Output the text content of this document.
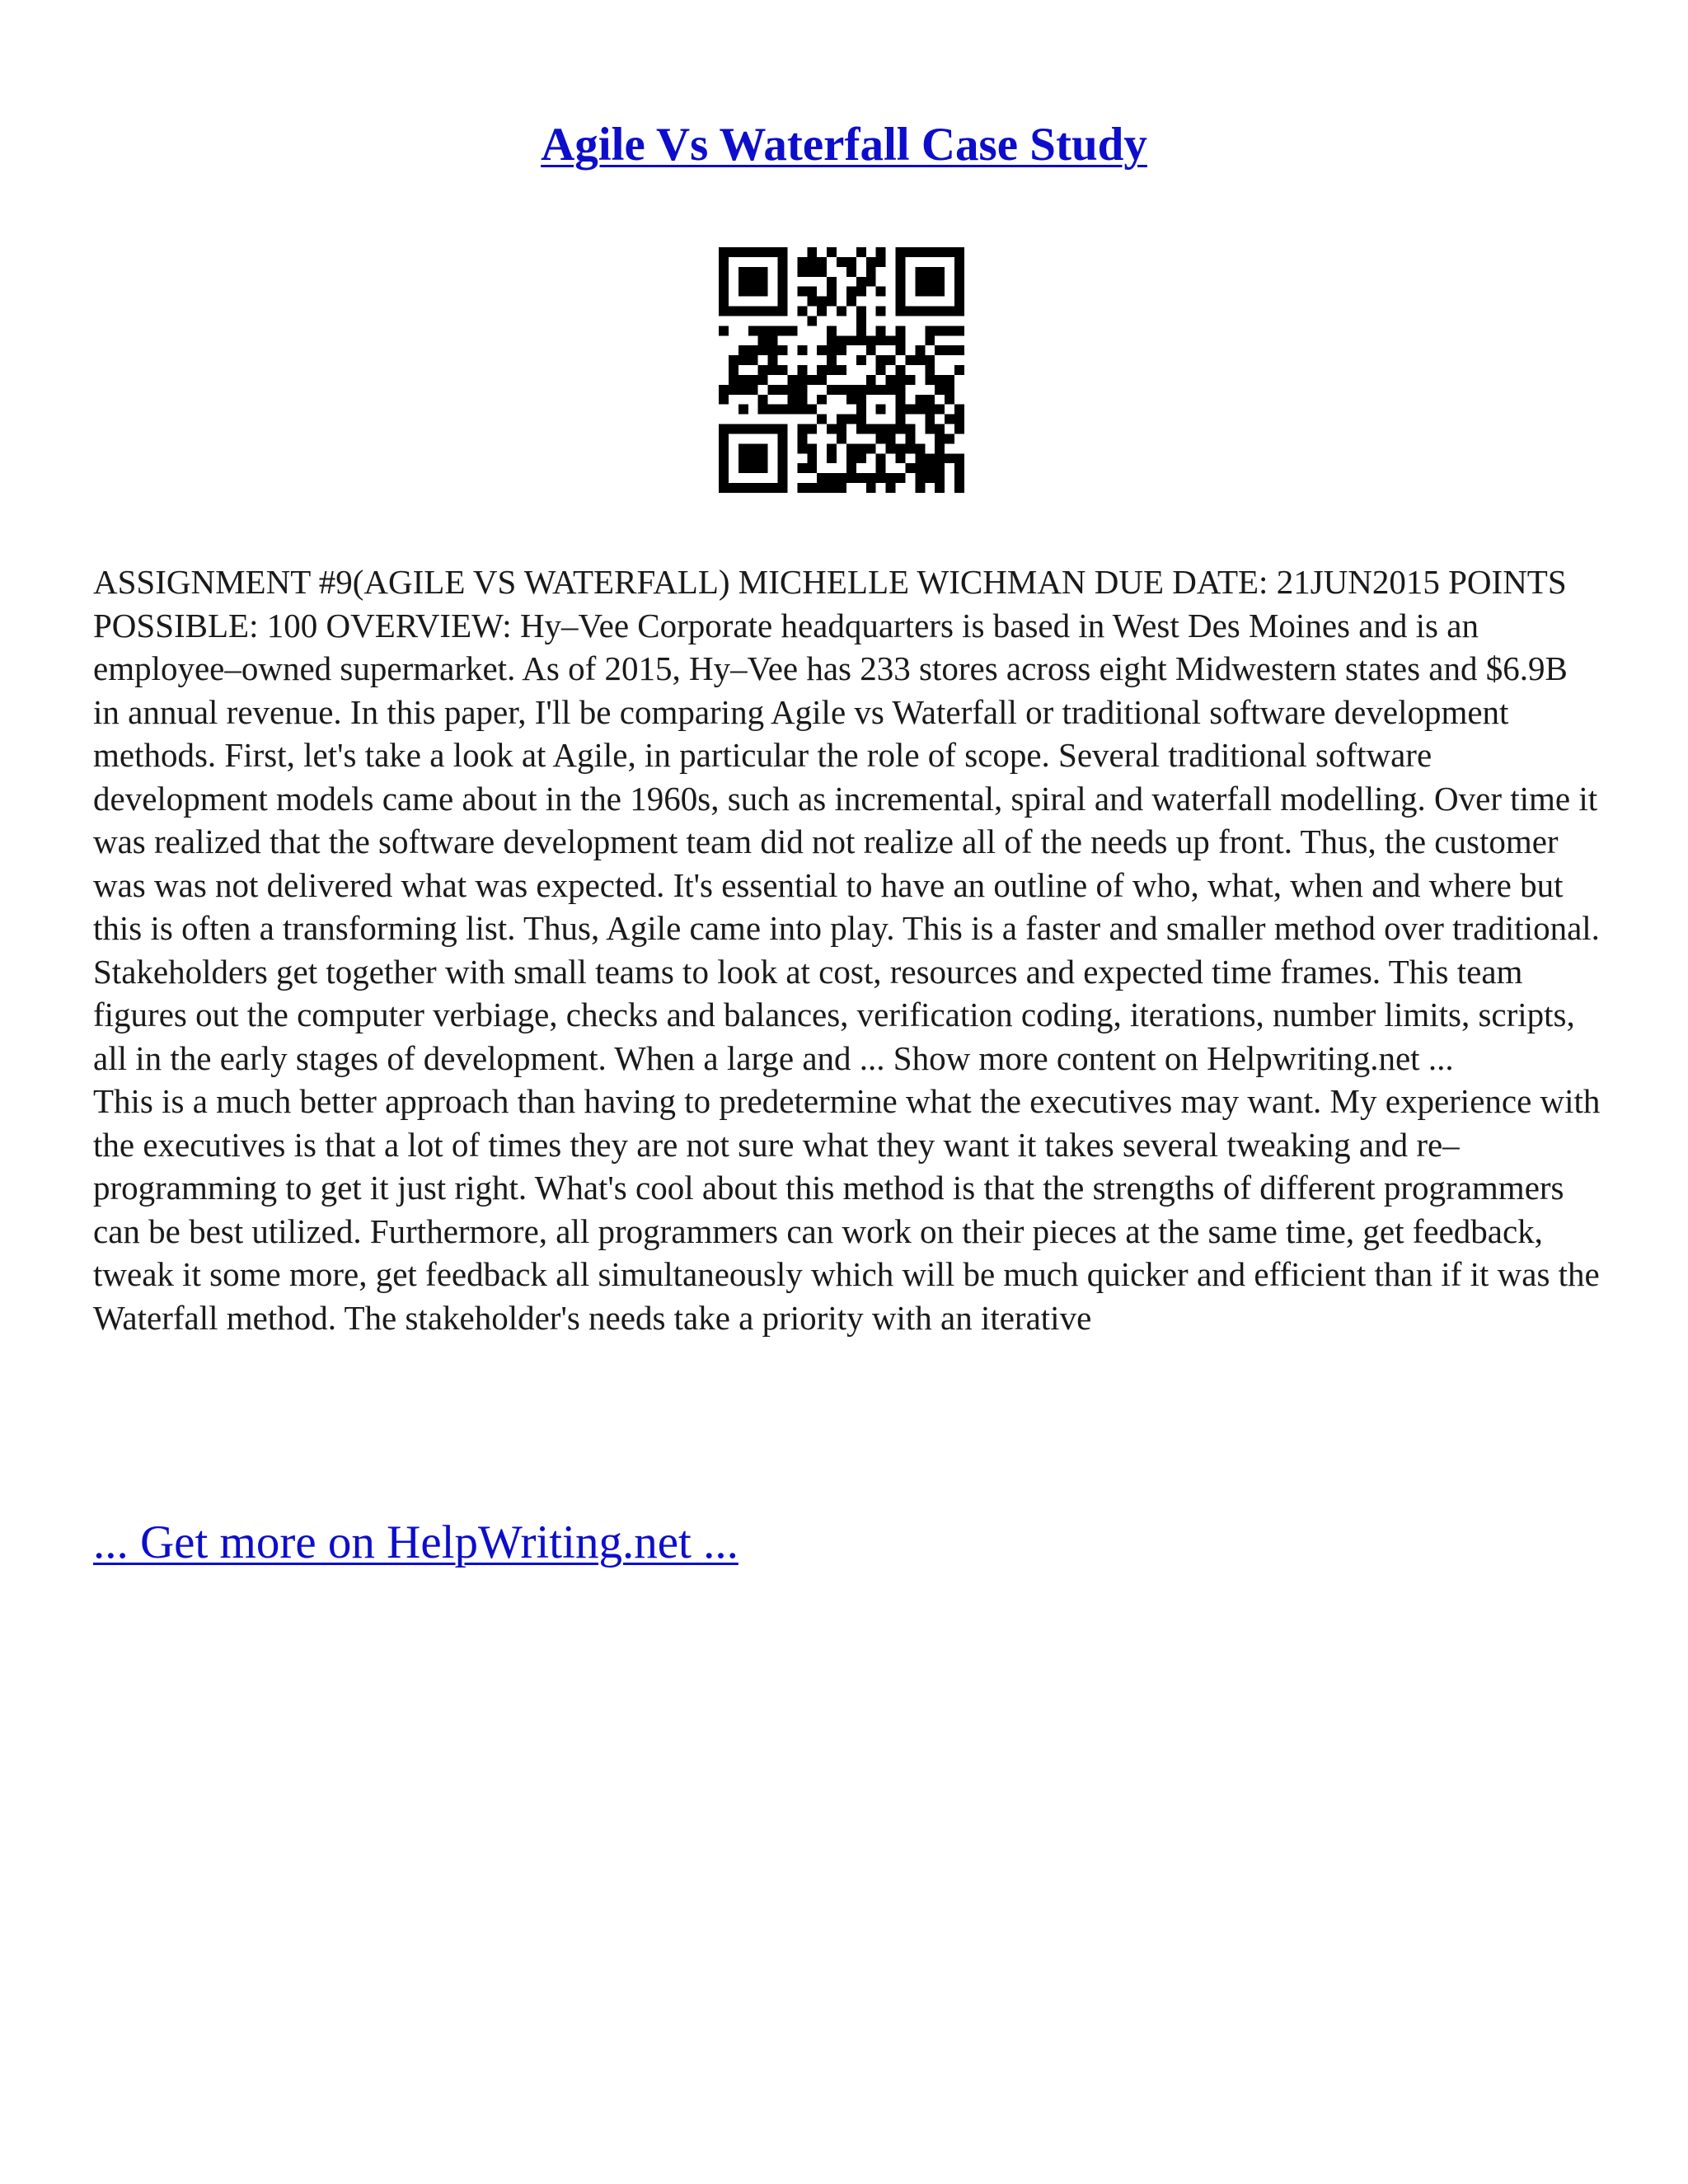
Agile Vs Waterfall Case Study

ASSIGNMENT #9(AGILE VS WATERFALL) MICHELLE WICHMAN DUE DATE: 21JUN2015 POINTS POSSIBLE: 100 OVERVIEW: Hy–Vee Corporate headquarters is based in West Des Moines and is an employee–owned supermarket. As of 2015, Hy–Vee has 233 stores across eight Midwestern states and $6.9B in annual revenue. In this paper, I'll be comparing Agile vs Waterfall or traditional software development methods. First, let's take a look at Agile, in particular the role of scope. Several traditional software development models came about in the 1960s, such as incremental, spiral and waterfall modelling. Over time it was realized that the software development team did not realize all of the needs up front. Thus, the customer was was not delivered what was expected. It's essential to have an outline of who, what, when and where but this is often a transforming list. Thus, Agile came into play. This is a faster and smaller method over traditional. Stakeholders get together with small teams to look at cost, resources and expected time frames. This team figures out the computer verbiage, checks and balances, verification coding, iterations, number limits, scripts, all in the early stages of development. When a large and ... Show more content on Helpwriting.net ...

This is a much better approach than having to predetermine what the executives may want. My experience with the executives is that a lot of times they are not sure what they want it takes several tweaking and re–programming to get it just right. What's cool about this method is that the strengths of different programmers can be best utilized. Furthermore, all programmers can work on their pieces at the same time, get feedback, tweak it some more, get feedback all simultaneously which will be much quicker and efficient than if it was the Waterfall method. The stakeholder's needs take a priority with an iterative

... Get more on HelpWriting.net ...
